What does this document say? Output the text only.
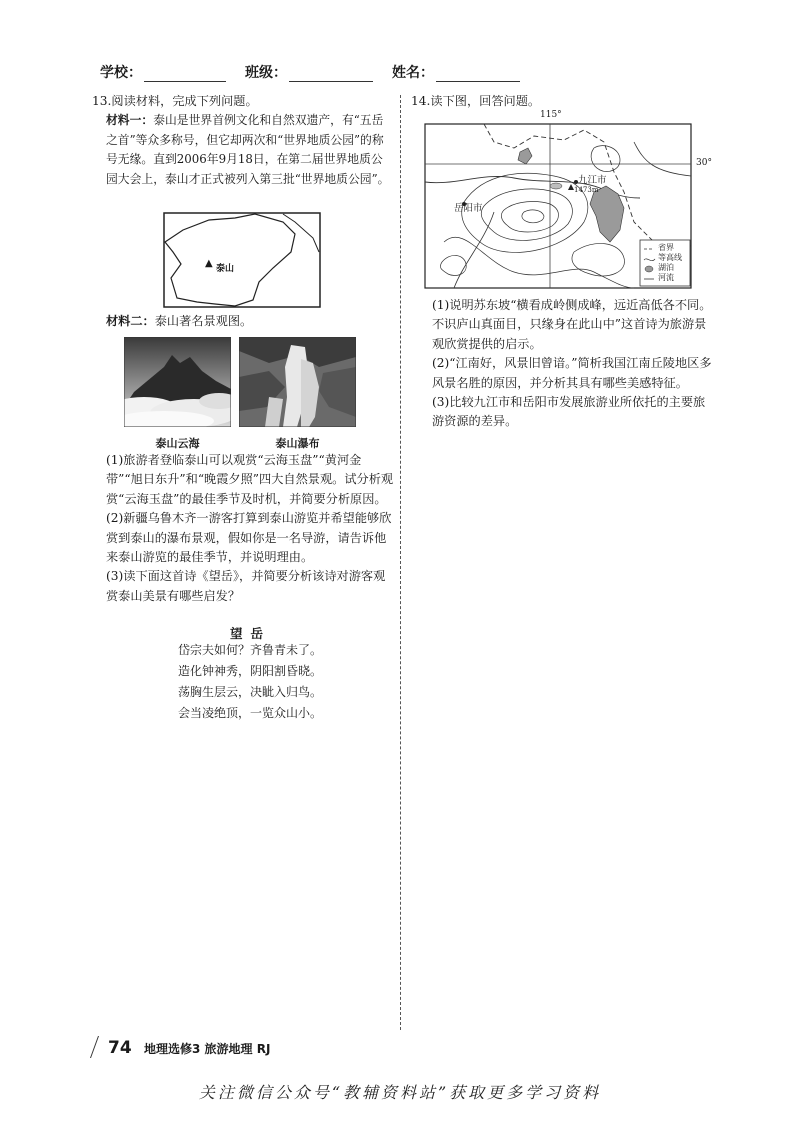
学校：	班级：	姓名：

13.阅读材料，完成下列问题。

材料一：泰山是世界首例文化和自然双遗产，有“五岳之首”等众多称号，但它却两次和“世界地质公园”的称号无缘。直到2006年9月18日，在第二届世界地质公园大会上，泰山才正式被列入第三批“世界地质公园”。

▲ 泰山

材料二：泰山著名景观图。

泰山云海	泰山瀑布

(1)旅游者登临泰山可以观赏“云海玉盘”“黄河金带”“旭日东升”和“晚霞夕照”四大自然景观。试分析观赏“云海玉盘”的最佳季节及时机，并简要分析原因。

(2)新疆乌鲁木齐一游客打算到泰山游览并希望能够欣赏到泰山的瀑布景观，假如你是一名导游，请告诉他来泰山游览的最佳季节，并说明理由。

(3)读下面这首诗《望岳》，并简要分析该诗对游客观赏泰山美景有哪些启发？

望岳
岱宗夫如何？齐鲁青未了。
造化钟神秀，阴阳割昏晓。
荡胸生层云，决眦入归鸟。
会当凌绝顶，一览众山小。

14.读下图，回答问题。

115°
30°
九江市
1473m
岳阳市
省界
等高线
湖泊
河流

(1)说明苏东坡“横看成岭侧成峰，远近高低各不同。不识庐山真面目，只缘身在此山中”这首诗为旅游景观欣赏提供的启示。

(2)“江南好，风景旧曾谙。”简析我国江南丘陵地区多风景名胜的原因，并分析其具有哪些美感特征。

(3)比较九江市和岳阳市发展旅游业所依托的主要旅游资源的差异。

74 地理选修3 旅游地理 RJ
关注微信公众号“教辅资料站”获取更多学习资料
